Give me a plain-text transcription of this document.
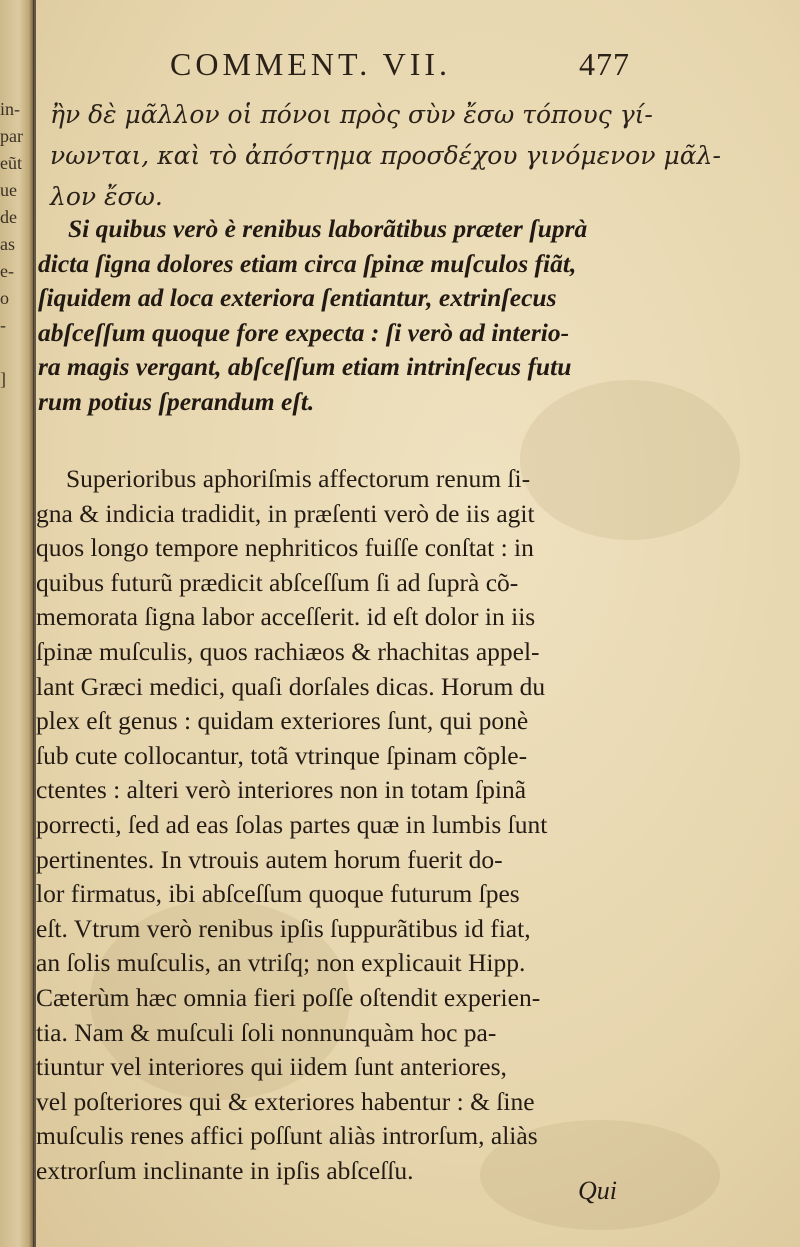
in-
par
eũt
ue
de
as
e-
o
-
]
COMMENT. VII.	477
ἢν δὲ μᾶλλον οἱ πόνοι πρὸς σὺν ἔσω τόπους γί-
νωνται, καὶ τὸ ἀπόστημα προσδέχου γινόμενον μᾶλ-
λον ἔσω.
Si quibus verò è renibus laborãtibus præter ſuprà
dicta ſigna dolores etiam circa ſpinæ muſculos fiãt,
ſiquidem ad loca exteriora ſentiantur, extrinſecus
abſceſſum quoque fore expecta : ſi verò ad interio-
ra magis vergant, abſceſſum etiam intrinſecus futu
rum potius ſperandum eſt.
Superioribus aphoriſmis affectorum renum ſi-
gna & indicia tradidit, in præſenti verò de iis agit
quos longo tempore nephriticos fuiſſe conſtat : in
quibus futurũ prædicit abſceſſum ſi ad ſuprà cõ-
memorata ſigna labor acceſſerit. id eſt dolor in iis
ſpinæ muſculis, quos rachiæos & rhachitas appel-
lant Græci medici, quaſi dorſales dicas. Horum du
plex eſt genus : quidam exteriores ſunt, qui ponè
ſub cute collocantur, totã vtrinque ſpinam cõple-
ctentes : alteri verò interiores non in totam ſpinã
porrecti, ſed ad eas ſolas partes quæ in lumbis ſunt
pertinentes. In vtrouis autem horum fuerit do-
lor firmatus, ibi abſceſſum quoque futurum ſpes
eſt. Vtrum verò renibus ipſis ſuppurãtibus id fiat,
an ſolis muſculis, an vtriſq; non explicauit Hipp.
Cæterùm hæc omnia fieri poſſe oſtendit experien-
tia. Nam & muſculi ſoli nonnunquàm hoc pa-
tiuntur vel interiores qui iidem ſunt anteriores,
vel poſteriores qui & exteriores habentur : & ſine
muſculis renes affici poſſunt aliàs introrſum, aliàs
extrorſum inclinante in ipſis abſceſſu.
Qui
